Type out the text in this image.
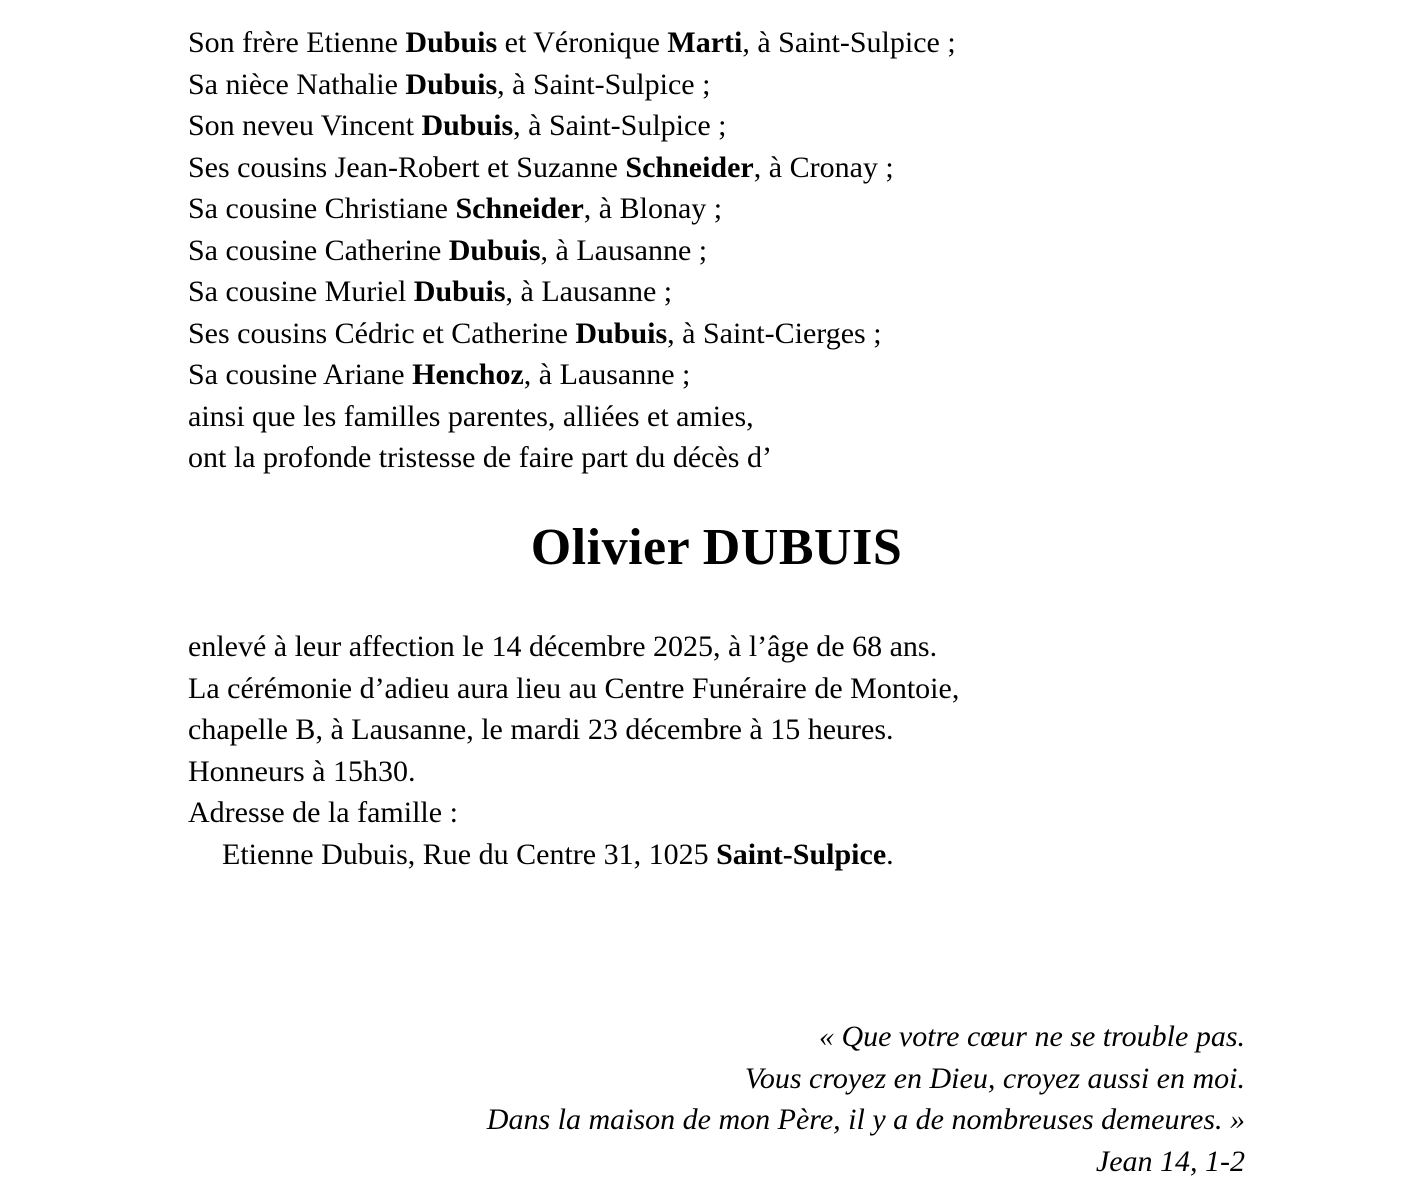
Son frère Etienne Dubuis et Véronique Marti, à Saint-Sulpice ;

Sa nièce Nathalie Dubuis, à Saint-Sulpice ;

Son neveu Vincent Dubuis, à Saint-Sulpice ;

Ses cousins Jean-Robert et Suzanne Schneider, à Cronay ;

Sa cousine Christiane Schneider, à Blonay ;

Sa cousine Catherine Dubuis, à Lausanne ;

Sa cousine Muriel Dubuis, à Lausanne ;

Ses cousins Cédric et Catherine Dubuis, à Saint-Cierges ;

Sa cousine Ariane Henchoz, à Lausanne ;

ainsi que les familles parentes, alliées et amies,

ont la profonde tristesse de faire part du décès d’

Olivier DUBUIS

enlevé à leur affection le 14 décembre 2025, à l’âge de 68 ans.

La cérémonie d’adieu aura lieu au Centre Funéraire de Montoie,

chapelle B, à Lausanne, le mardi 23 décembre à 15 heures.

Honneurs à 15h30.

Adresse de la famille :

Etienne Dubuis, Rue du Centre 31, 1025 Saint-Sulpice.

« Que votre cœur ne se trouble pas.

Vous croyez en Dieu, croyez aussi en moi.

Dans la maison de mon Père, il y a de nombreuses demeures. »

Jean 14, 1-2
